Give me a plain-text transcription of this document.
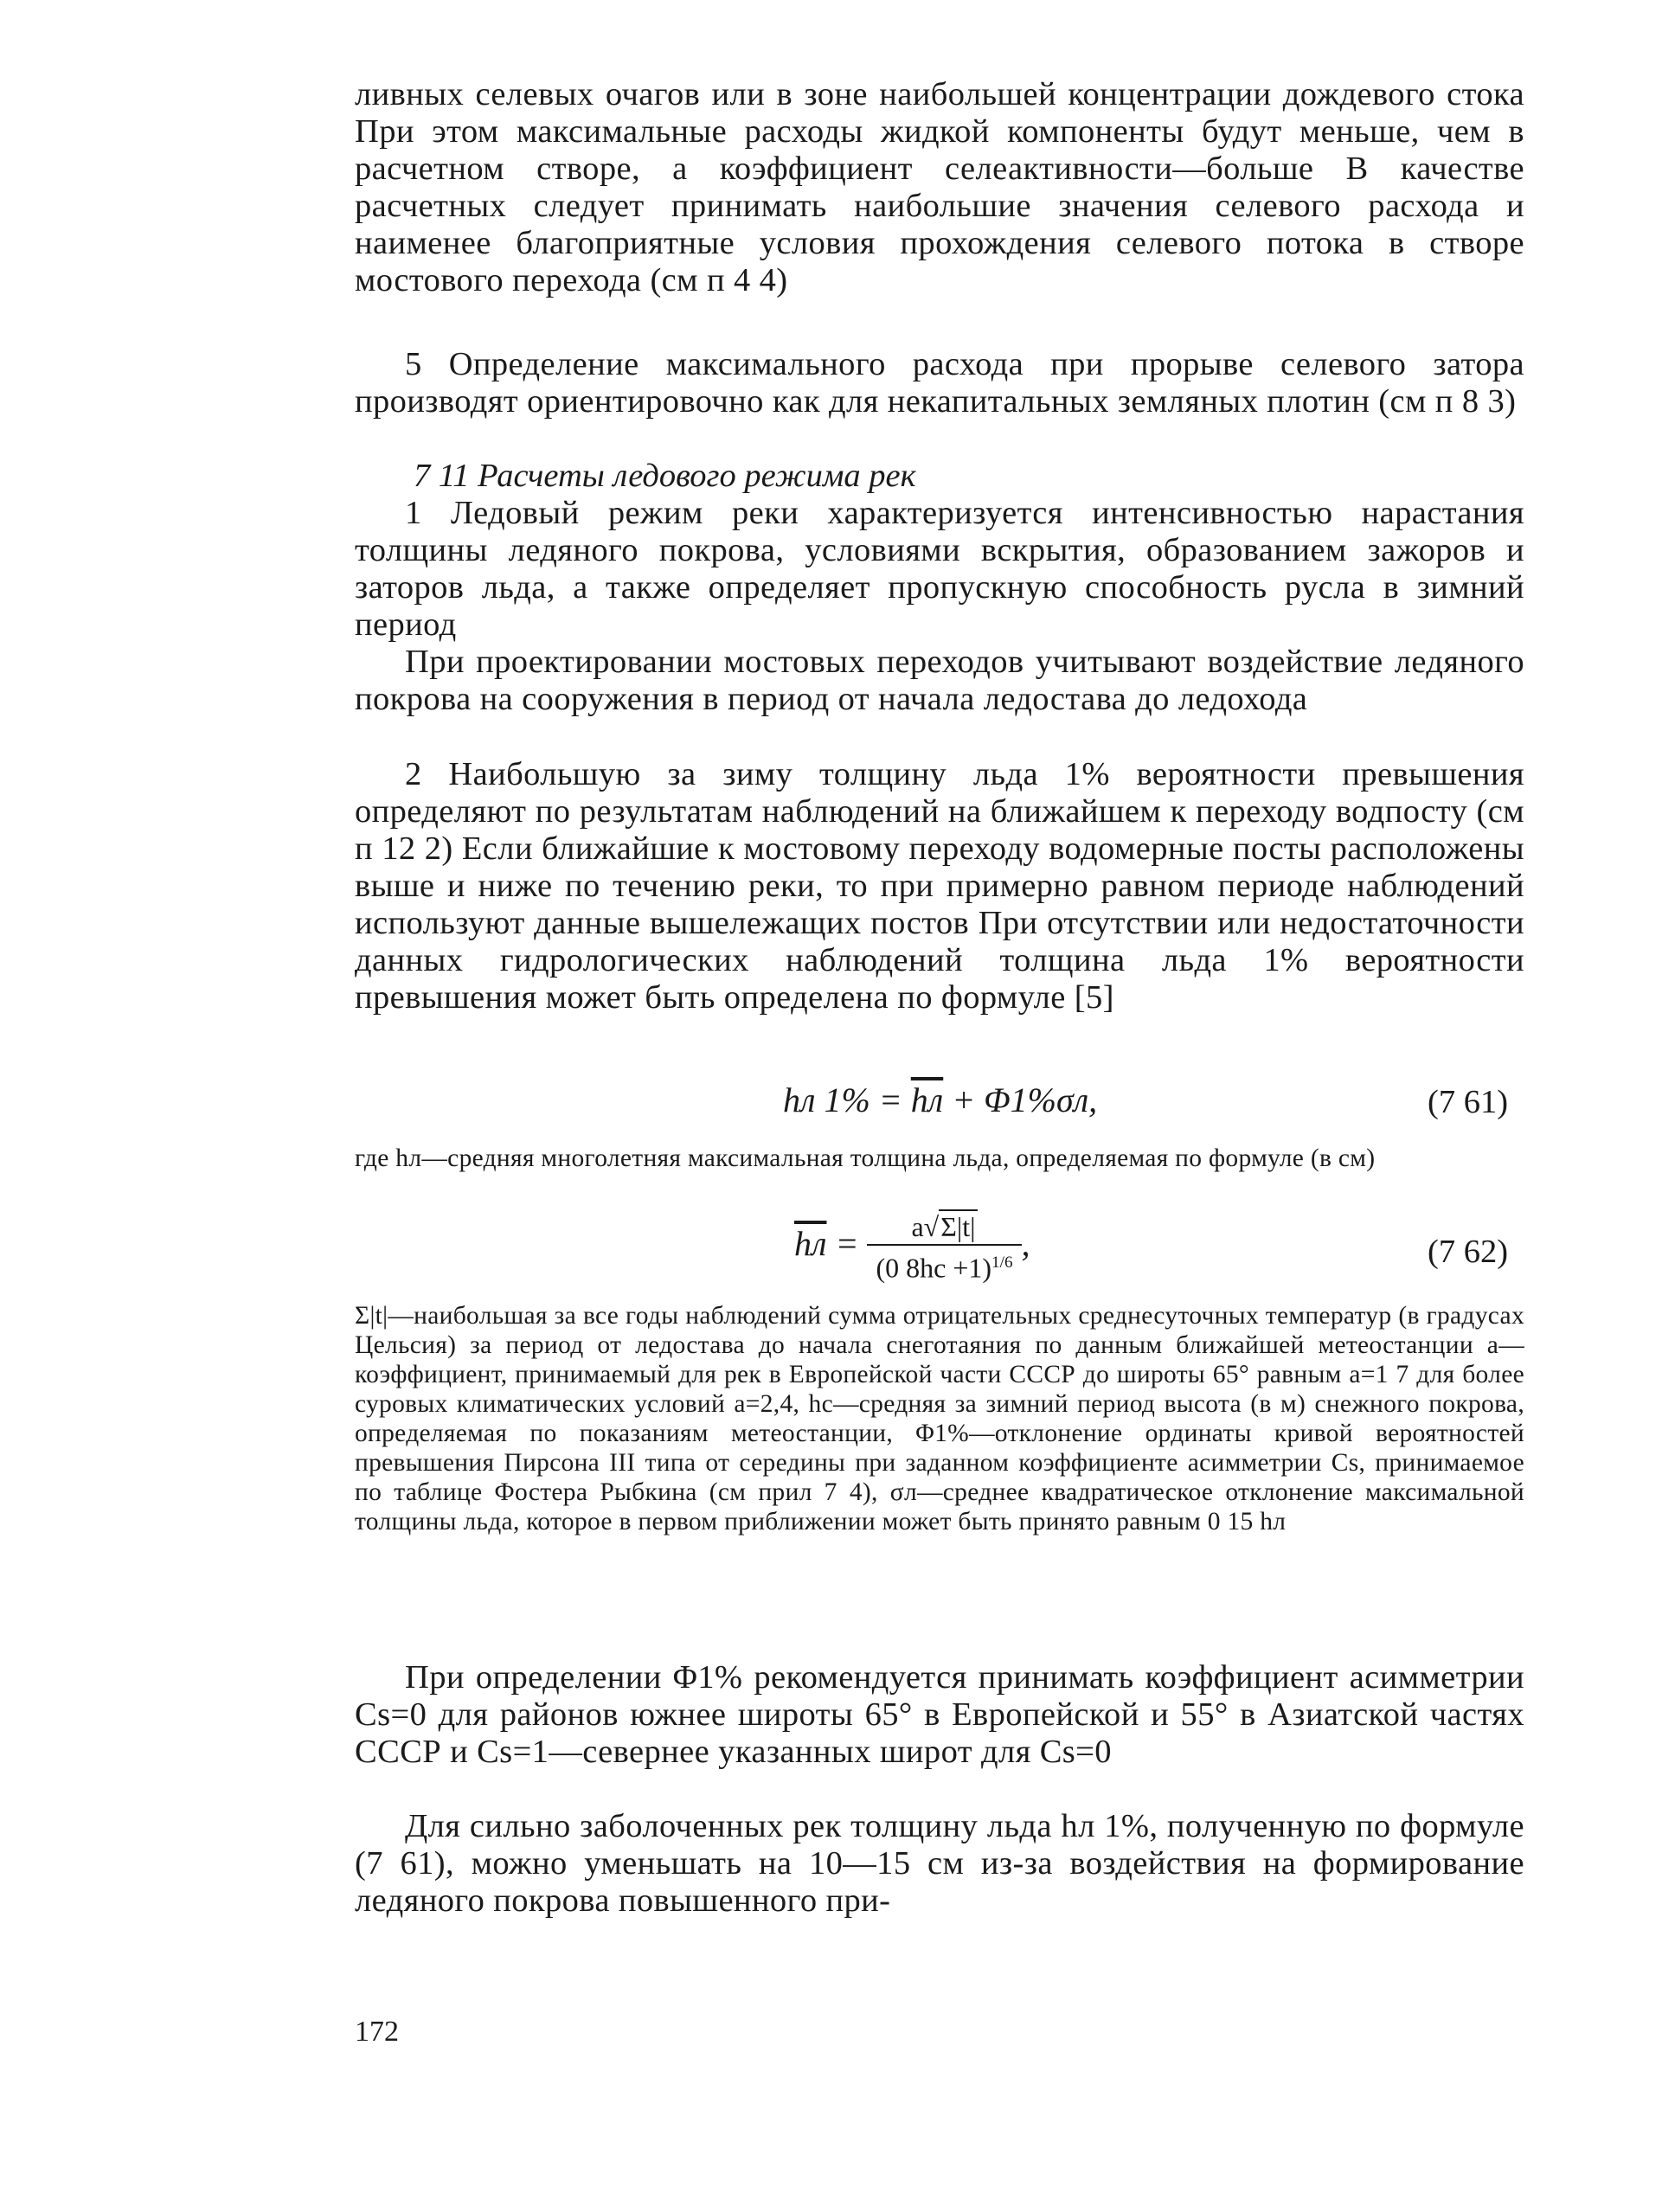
ливных селевых очагов или в зоне наибольшей концентрации дождевого стока При этом максимальные расходы жидкой компоненты будут меньше, чем в расчетном створе, а коэффициент селеактивности—больше В качестве расчетных следует принимать наибольшие значения селевого расхода и наименее благоприятные условия прохождения селевого потока в створе мостового перехода (см п 4 4)

5 Определение максимального расхода при прорыве селевого затора производят ориентировочно как для некапитальных земляных плотин (см п 8 3)

7 11 Расчеты ледового режима рек

1 Ледовый режим реки характеризуется интенсивностью нарастания толщины ледяного покрова, условиями вскрытия, образованием зажоров и заторов льда, а также определяет пропускную способность русла в зимний период

При проектировании мостовых переходов учитывают воздействие ледяного покрова на сооружения в период от начала ледостава до ледохода

2 Наибольшую за зиму толщину льда 1% вероятности превышения определяют по результатам наблюдений на ближайшем к переходу водпосту (см п 12 2) Если ближайшие к мостовому переходу водомерные посты расположены выше и ниже по течению реки, то при примерно равном периоде наблюдений используют данные вышележащих постов При отсутствии или недостаточности данных гидрологических наблюдений толщина льда 1% вероятности превышения может быть определена по формуле [5]

hл 1% = hл + Φ1%σл,	(7 61)

где hл—средняя многолетняя максимальная толщина льда, определяемая по формуле (в см)

hл = $\frac{a√\Sigma|t|}{(0 8hс +1)^{1/6}}$ ,	(7 62)

Σ|t|—наибольшая за все годы наблюдений сумма отрицательных среднесуточных температур (в градусах Цельсия) за период от ледостава до начала снеготаяния по данным ближайшей метеостанции а—коэффициент, принимаемый для рек в Европейской части СССР до широты 65° равным а=1 7 для более суровых климатических условий а=2,4, hс—средняя за зимний период высота (в м) снежного покрова, определяемая по показаниям метеостанции, Φ1%—отклонение ординаты кривой вероятностей превышения Пирсона III типа от середины при заданном коэффициенте асимметрии Cs, принимаемое по таблице Фостера Рыбкина (см прил 7 4), σл—среднее квадратическое отклонение максимальной толщины льда, которое в первом приближении может быть принято равным 0 15 hл

При определении Φ1% рекомендуется принимать коэффициент асимметрии Cs=0 для районов южнее широты 65° в Европейской и 55° в Азиатской частях СССР и Cs=1—севернее указанных широт для Cs=0

Для сильно заболоченных рек толщину льда hл 1%, полученную по формуле (7 61), можно уменьшать на 10—15 см из-за воздействия на формирование ледяного покрова повышенного при-

172
